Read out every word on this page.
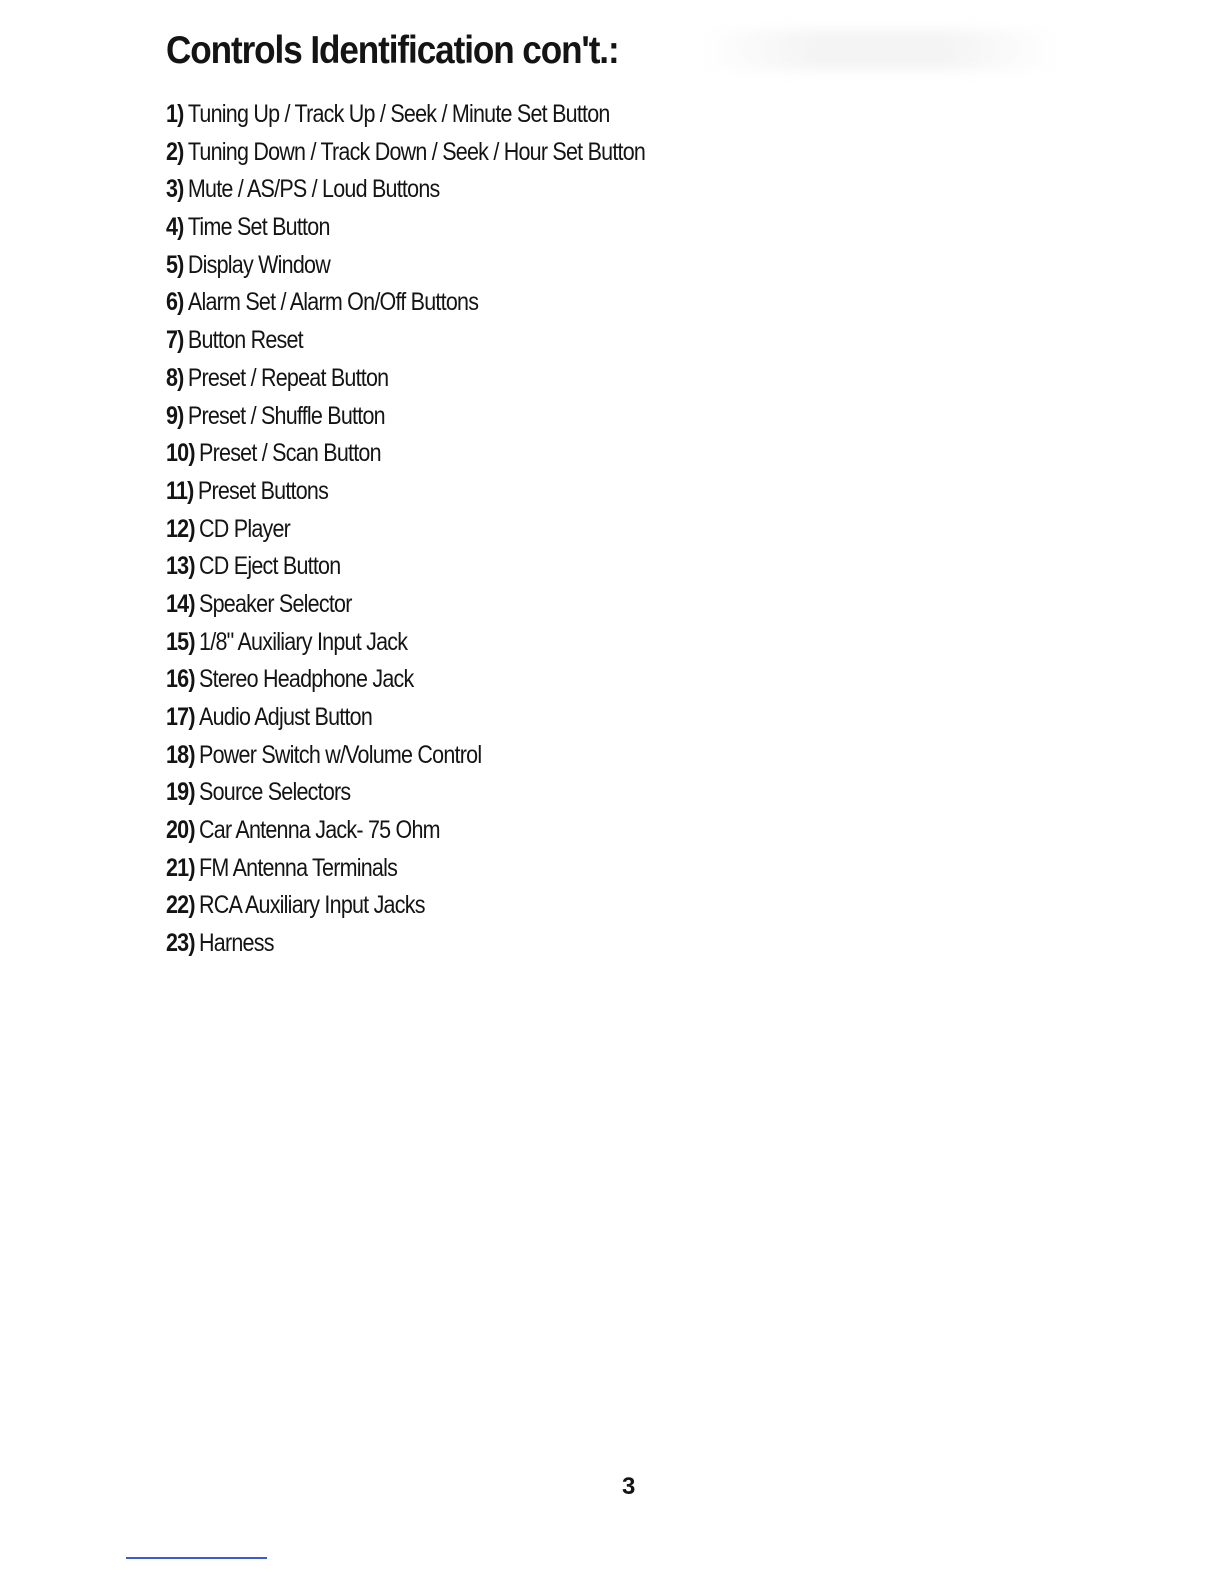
Controls Identification con't.:
1) Tuning Up / Track Up / Seek / Minute Set Button
2) Tuning Down / Track Down / Seek / Hour Set Button
3) Mute / AS/PS / Loud Buttons
4) Time Set Button
5) Display Window
6) Alarm Set / Alarm On/Off Buttons
7) Button Reset
8) Preset / Repeat Button
9) Preset / Shuffle Button
10) Preset / Scan Button
11) Preset Buttons
12) CD Player
13) CD Eject Button
14) Speaker Selector
15) 1/8" Auxiliary Input Jack
16) Stereo Headphone Jack
17) Audio Adjust Button
18) Power Switch w/Volume Control
19) Source Selectors
20) Car Antenna Jack- 75 Ohm
21) FM Antenna Terminals
22) RCA Auxiliary Input Jacks
23) Harness
3
